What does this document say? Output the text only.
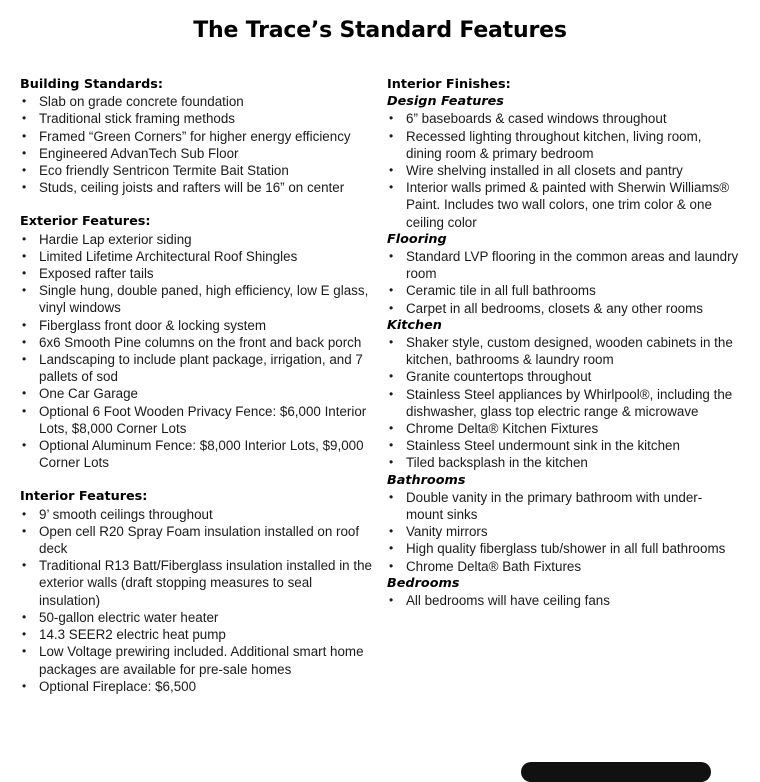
The Trace’s Standard Features
Building Standards:
• Slab on grade concrete foundation
• Traditional stick framing methods
• Framed “Green Corners” for higher energy efficiency
• Engineered AdvanTech Sub Floor
• Eco friendly Sentricon Termite Bait Station
• Studs, ceiling joists and rafters will be 16” on center
Exterior Features:
• Hardie Lap exterior siding
• Limited Lifetime Architectural Roof Shingles
• Exposed rafter tails
• Single hung, double paned, high efficiency, low E glass, vinyl windows
• Fiberglass front door & locking system
• 6x6 Smooth Pine columns on the front and back porch
• Landscaping to include plant package, irrigation, and 7 pallets of sod
• One Car Garage
• Optional 6 Foot Wooden Privacy Fence: $6,000 Interior Lots, $8,000 Corner Lots
• Optional Aluminum Fence: $8,000 Interior Lots, $9,000 Corner Lots
Interior Features:
• 9’ smooth ceilings throughout
• Open cell R20 Spray Foam insulation installed on roof deck
• Traditional R13 Batt/Fiberglass insulation installed in the exterior walls (draft stopping measures to seal insulation)
• 50-gallon electric water heater
• 14.3 SEER2 electric heat pump
• Low Voltage prewiring included. Additional smart home packages are available for pre-sale homes
• Optional Fireplace: $6,500
Interior Finishes:
Design Features
• 6” baseboards & cased windows throughout
• Recessed lighting throughout kitchen, living room, dining room & primary bedroom
• Wire shelving installed in all closets and pantry
• Interior walls primed & painted with Sherwin Williams® Paint. Includes two wall colors, one trim color & one ceiling color
Flooring
• Standard LVP flooring in the common areas and laundry room
• Ceramic tile in all full bathrooms
• Carpet in all bedrooms, closets & any other rooms
Kitchen
• Shaker style, custom designed, wooden cabinets in the kitchen, bathrooms & laundry room
• Granite countertops throughout
• Stainless Steel appliances by Whirlpool®, including the dishwasher, glass top electric range & microwave
• Chrome Delta® Kitchen Fixtures
• Stainless Steel undermount sink in the kitchen
• Tiled backsplash in the kitchen
Bathrooms
• Double vanity in the primary bathroom with under-mount sinks
• Vanity mirrors
• High quality fiberglass tub/shower in all full bathrooms
• Chrome Delta® Bath Fixtures
Bedrooms
• All bedrooms will have ceiling fans
